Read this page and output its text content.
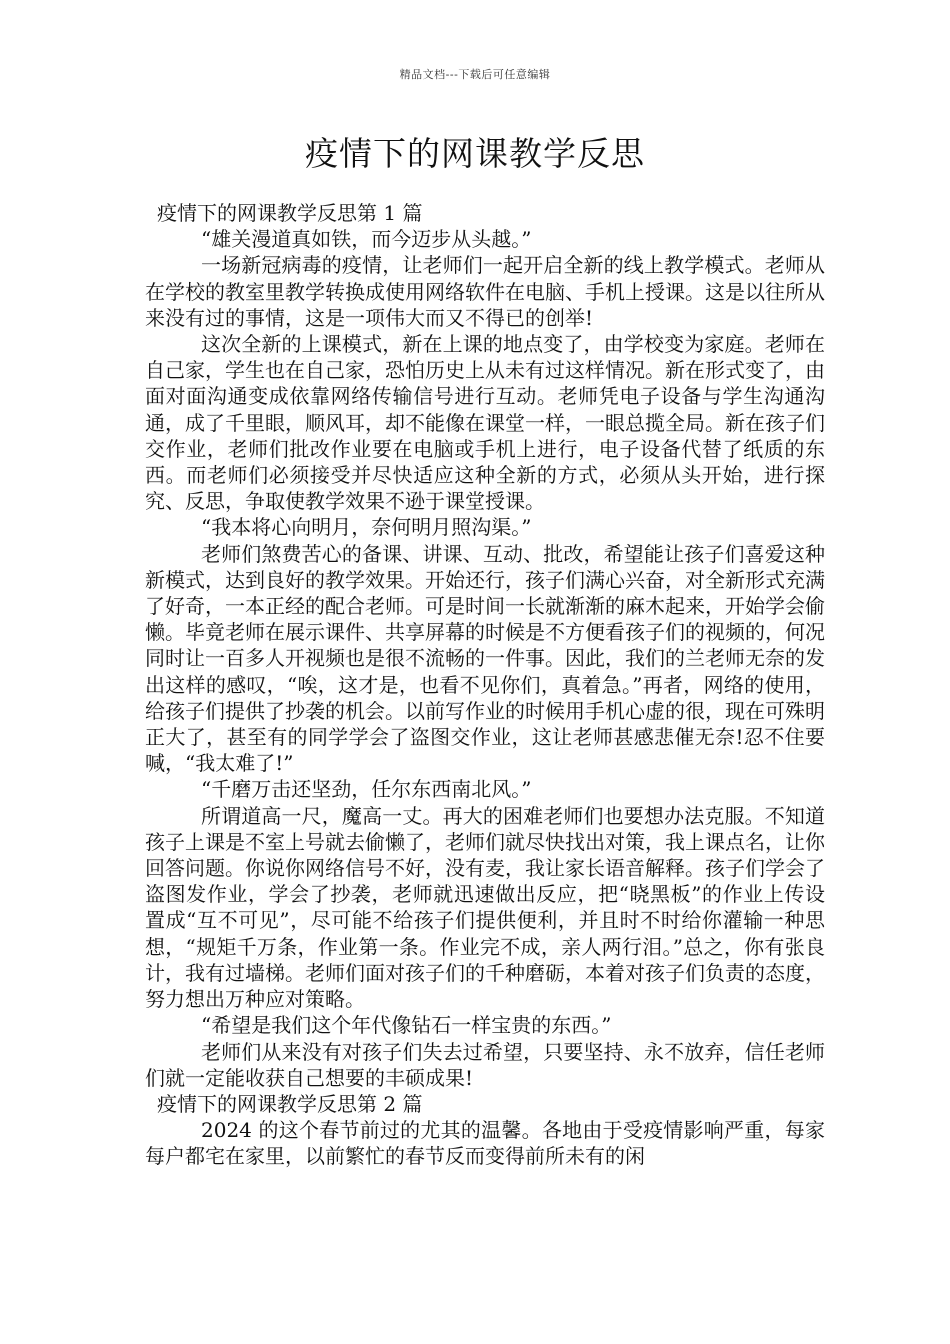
精品文档---下载后可任意编辑
疫情下的网课教学反思

疫情下的网课教学反思第 1 篇

“雄关漫道真如铁，而今迈步从头越。”

一场新冠病毒的疫情，让老师们一起开启全新的线上教学模式。老师从在学校的教室里教学转换成使用网络软件在电脑、手机上授课。这是以往所从来没有过的事情，这是一项伟大而又不得已的创举!

这次全新的上课模式，新在上课的地点变了，由学校变为家庭。老师在自己家，学生也在自己家，恐怕历史上从未有过这样情况。新在形式变了，由面对面沟通变成依靠网络传输信号进行互动。老师凭电子设备与学生沟通沟通，成了千里眼，顺风耳，却不能像在课堂一样，一眼总揽全局。新在孩子们交作业，老师们批改作业要在电脑或手机上进行，电子设备代替了纸质的东西。而老师们必须接受并尽快适应这种全新的方式，必须从头开始，进行探究、反思，争取使教学效果不逊于课堂授课。

“我本将心向明月，奈何明月照沟渠。”

老师们煞费苦心的备课、讲课、互动、批改，希望能让孩子们喜爱这种新模式，达到良好的教学效果。开始还行，孩子们满心兴奋，对全新形式充满了好奇，一本正经的配合老师。可是时间一长就渐渐的麻木起来，开始学会偷懒。毕竟老师在展示课件、共享屏幕的时候是不方便看孩子们的视频的，何况同时让一百多人开视频也是很不流畅的一件事。因此，我们的兰老师无奈的发出这样的感叹，“唉，这才是，也看不见你们，真着急。”再者，网络的使用，给孩子们提供了抄袭的机会。以前写作业的时候用手机心虚的很，现在可殊明正大了，甚至有的同学学会了盗图交作业，这让老师甚感悲催无奈!忍不住要喊，“我太难了!”

“千磨万击还坚劲，任尔东西南北风。”

所谓道高一尺，魔高一丈。再大的困难老师们也要想办法克服。不知道孩子上课是不室上号就去偷懒了，老师们就尽快找出对策，我上课点名，让你回答问题。你说你网络信号不好，没有麦，我让家长语音解释。孩子们学会了盗图发作业，学会了抄袭，老师就迅速做出反应，把“晓黑板”的作业上传设置成“互不可见”，尽可能不给孩子们提供便利，并且时不时给你灌输一种思想，“规矩千万条，作业第一条。作业完不成，亲人两行泪。”总之，你有张良计，我有过墙梯。老师们面对孩子们的千种磨砺，本着对孩子们负责的态度，努力想出万种应对策略。

“希望是我们这个年代像钻石一样宝贵的东西。”

老师们从来没有对孩子们失去过希望，只要坚持、永不放弃，信任老师们就一定能收获自己想要的丰硕成果!

疫情下的网课教学反思第 2 篇

2024 的这个春节前过的尤其的温馨。各地由于受疫情影响严重，每家每户都宅在家里，以前繁忙的春节反而变得前所未有的闲
